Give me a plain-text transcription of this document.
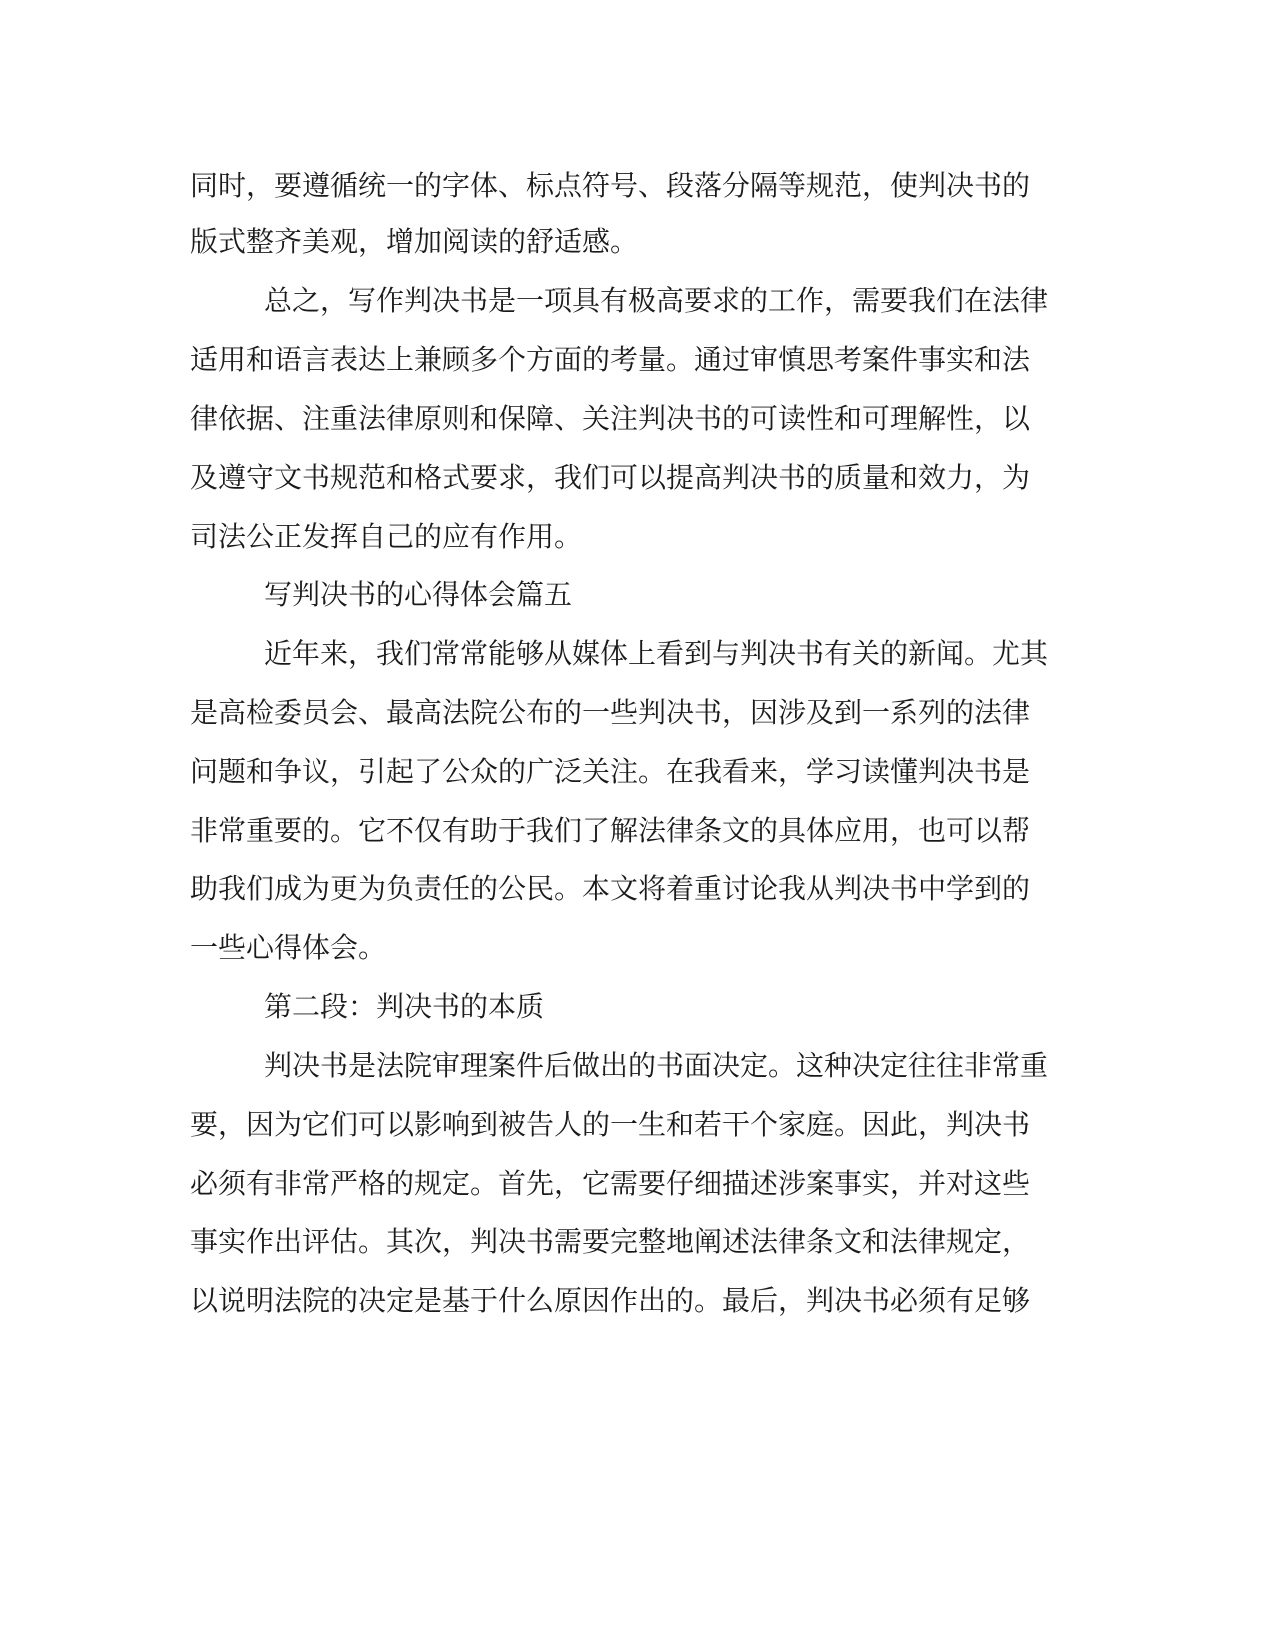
同时，要遵循统一的字体、标点符号、段落分隔等规范，使判决书的
版式整齐美观，增加阅读的舒适感。
总之，写作判决书是一项具有极高要求的工作，需要我们在法律
适用和语言表达上兼顾多个方面的考量。通过审慎思考案件事实和法
律依据、注重法律原则和保障、关注判决书的可读性和可理解性，以
及遵守文书规范和格式要求，我们可以提高判决书的质量和效力，为
司法公正发挥自己的应有作用。
写判决书的心得体会篇五
近年来，我们常常能够从媒体上看到与判决书有关的新闻。尤其
是高检委员会、最高法院公布的一些判决书，因涉及到一系列的法律
问题和争议，引起了公众的广泛关注。在我看来，学习读懂判决书是
非常重要的。它不仅有助于我们了解法律条文的具体应用，也可以帮
助我们成为更为负责任的公民。本文将着重讨论我从判决书中学到的
一些心得体会。
第二段：判决书的本质
判决书是法院审理案件后做出的书面决定。这种决定往往非常重
要，因为它们可以影响到被告人的一生和若干个家庭。因此，判决书
必须有非常严格的规定。首先，它需要仔细描述涉案事实，并对这些
事实作出评估。其次，判决书需要完整地阐述法律条文和法律规定，
以说明法院的决定是基于什么原因作出的。最后，判决书必须有足够
